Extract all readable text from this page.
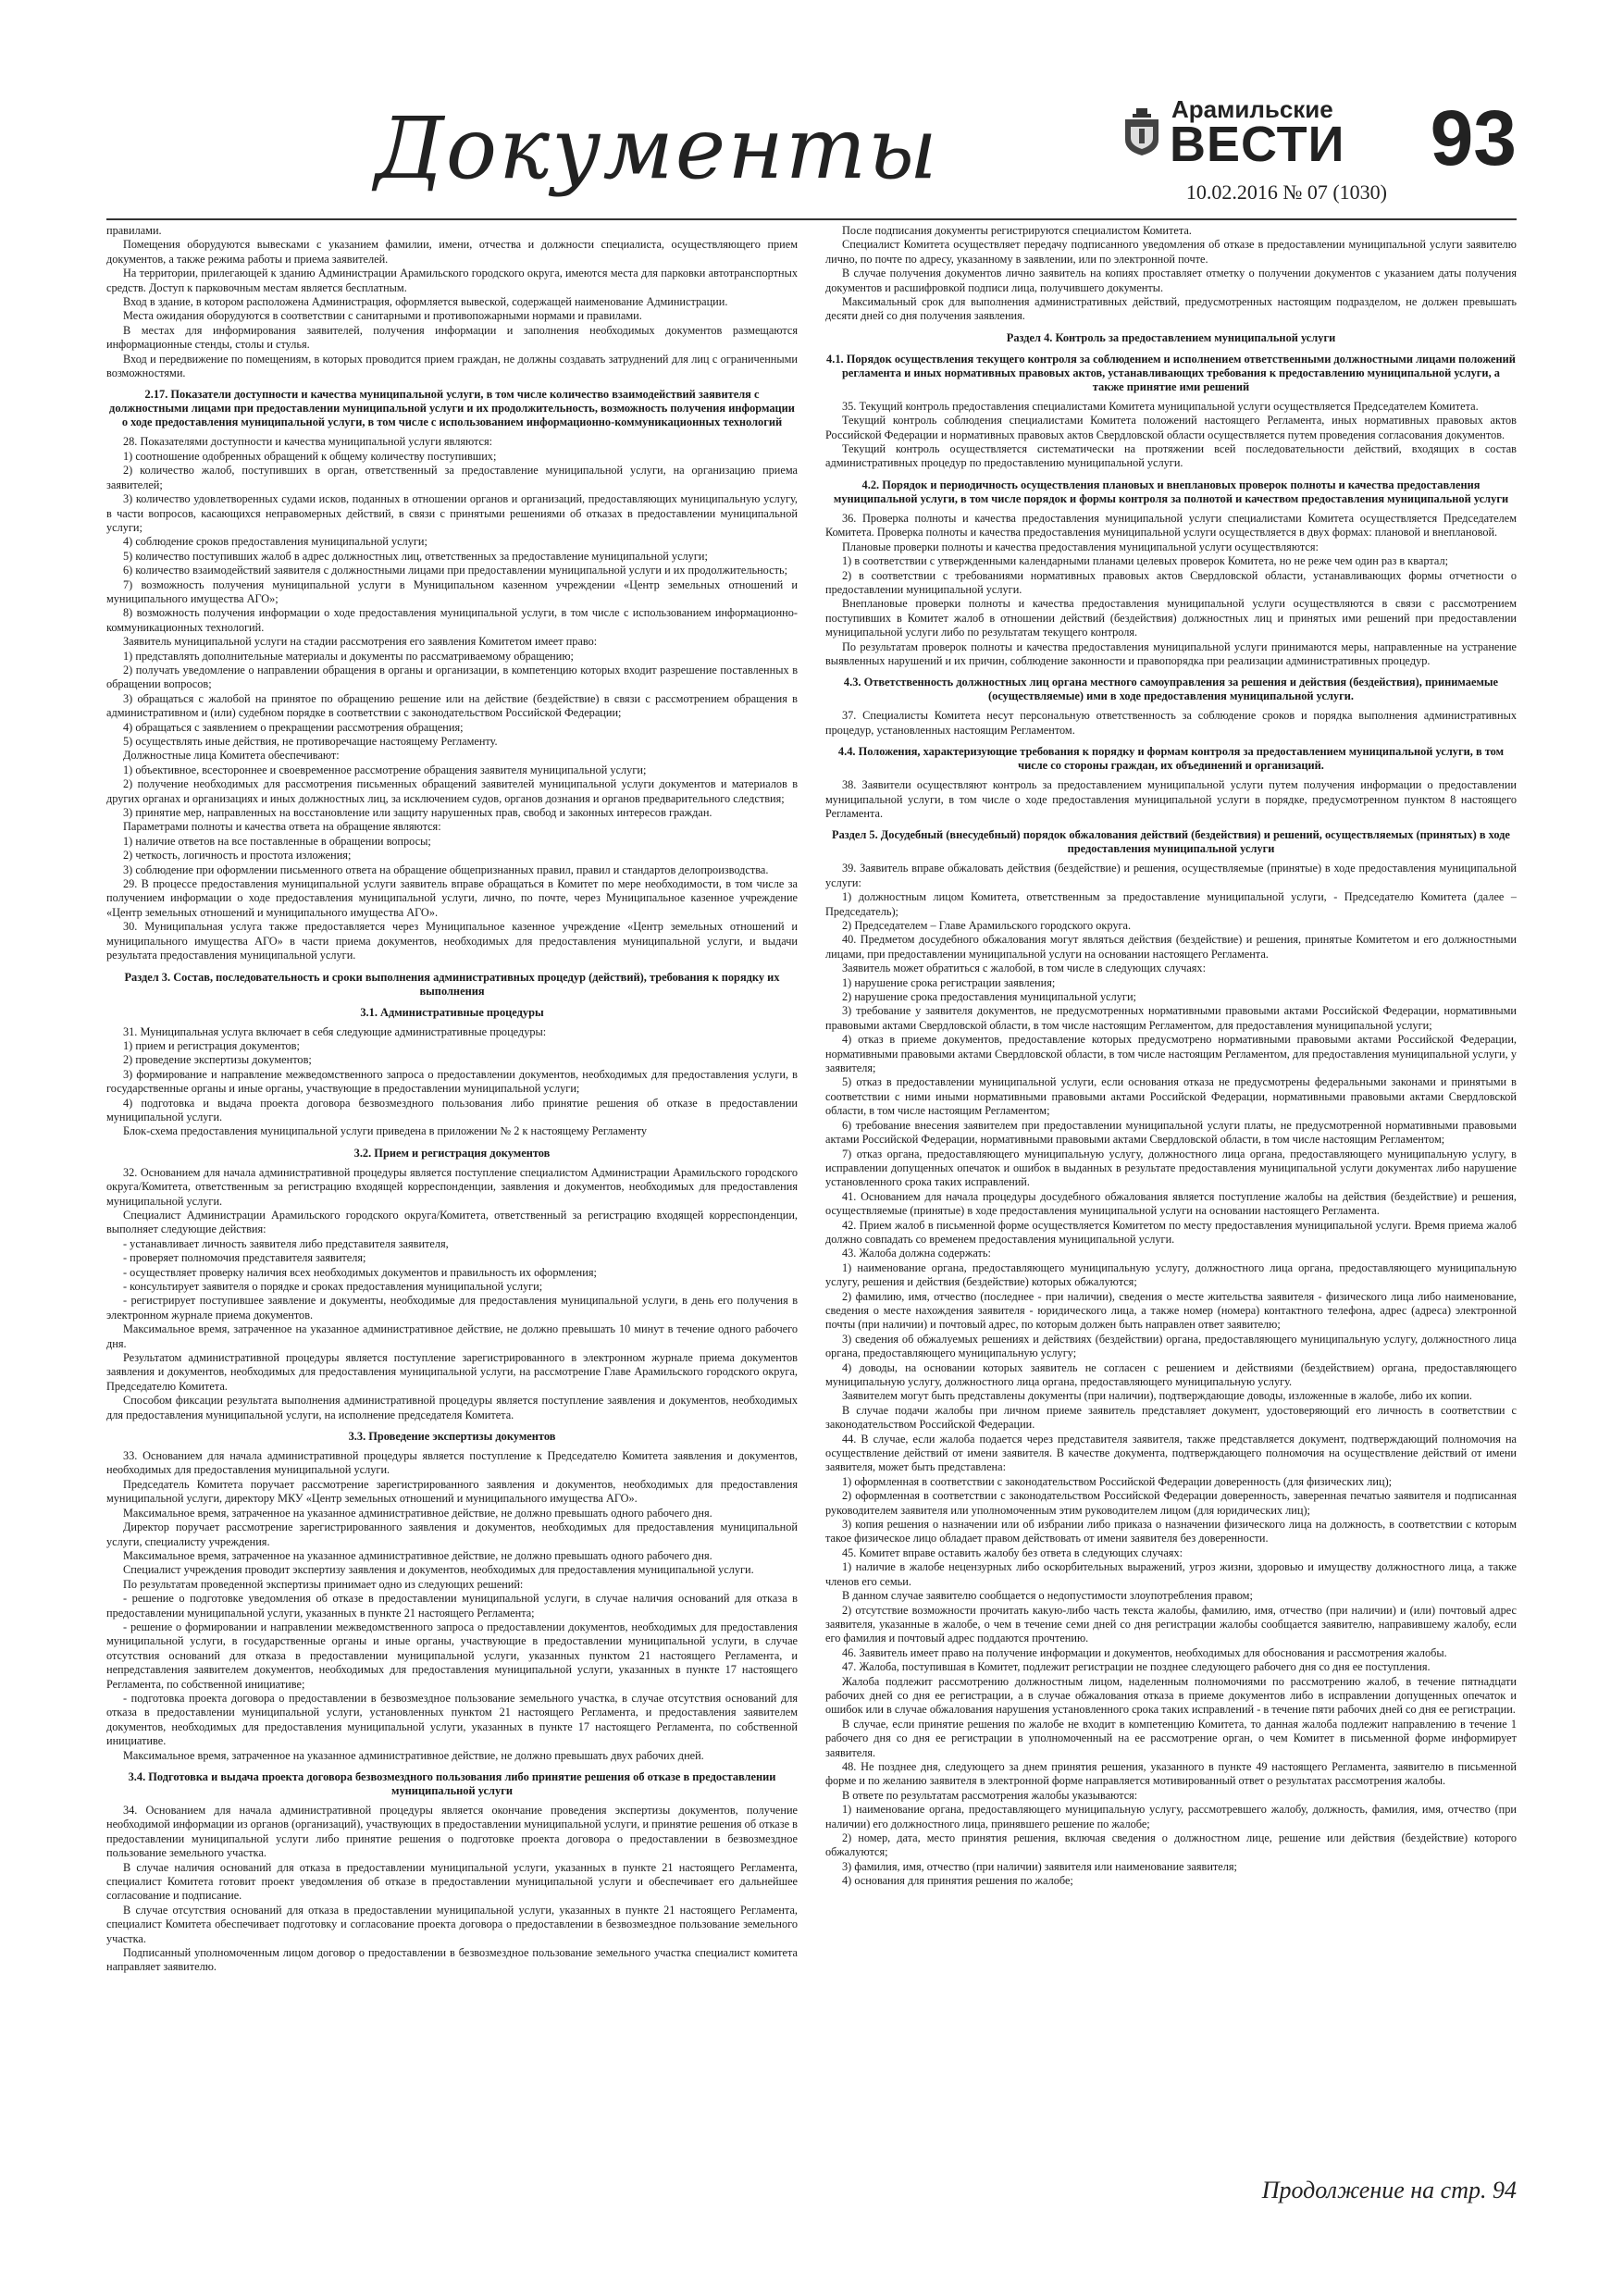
Документы	Арамильские
ВЕСТИ 93
10.02.2016 № 07 (1030)

правилами.

Помещения оборудуются вывесками с указанием фамилии, имени, отчества и должности специалиста, осуществляющего прием документов, а также режима работы и приема заявителей.

На территории, прилегающей к зданию Администрации Арамильского городского округа, имеются места для парковки автотранспортных средств. Доступ к парковочным местам является бесплатным.

Вход в здание, в котором расположена Администрация, оформляется вывеской, содержащей наименование Администрации.

Места ожидания оборудуются в соответствии с санитарными и противопожарными нормами и правилами.

В местах для информирования заявителей, получения информации и заполнения необходимых документов размещаются информационные стенды, столы и стулья.

Вход и передвижение по помещениям, в которых проводится прием граждан, не должны создавать затруднений для лиц с ограниченными возможностями.

2.17. Показатели доступности и качества муниципальной услуги, в том числе количество взаимодействий заявителя с должностными лицами при предоставлении муниципальной услуги и их продолжительность, возможность получения информации о ходе предоставления муниципальной услуги, в том числе с использованием информационно-коммуникационных технологий

28. Показателями доступности и качества муниципальной услуги являются:

1) соотношение одобренных обращений к общему количеству поступивших;

2) количество жалоб, поступивших в орган, ответственный за предоставление муниципальной услуги, на организацию приема заявителей;

3) количество удовлетворенных судами исков, поданных в отношении органов и организаций, предоставляющих муниципальную услугу, в части вопросов, касающихся неправомерных действий, в связи с принятыми решениями об отказах в предоставлении муниципальной услуги;

4) соблюдение сроков предоставления муниципальной услуги;

5) количество поступивших жалоб в адрес должностных лиц, ответственных за предоставление муниципальной услуги;

6) количество взаимодействий заявителя с должностными лицами при предоставлении муниципальной услуги и их продолжительность;

7) возможность получения муниципальной услуги в Муниципальном казенном учреждении «Центр земельных отношений и муниципального имущества АГО»;

8) возможность получения информации о ходе предоставления муниципальной услуги, в том числе с использованием информационно-коммуникационных технологий.

Заявитель муниципальной услуги на стадии рассмотрения его заявления Комитетом имеет право:

1) представлять дополнительные материалы и документы по рассматриваемому обращению;

2) получать уведомление о направлении обращения в органы и организации, в компетенцию которых входит разрешение поставленных в обращении вопросов;

3) обращаться с жалобой на принятое по обращению решение или на действие (бездействие) в связи с рассмотрением обращения в административном и (или) судебном порядке в соответствии с законодательством Российской Федерации;

4) обращаться с заявлением о прекращении рассмотрения обращения;

5) осуществлять иные действия, не противоречащие настоящему Регламенту.

Должностные лица Комитета обеспечивают:

1) объективное, всестороннее и своевременное рассмотрение обращения заявителя муниципальной услуги;

2) получение необходимых для рассмотрения письменных обращений заявителей муниципальной услуги документов и материалов в других органах и организациях и иных должностных лиц, за исключением судов, органов дознания и органов предварительного следствия;

3) принятие мер, направленных на восстановление или защиту нарушенных прав, свобод и законных интересов граждан.

Параметрами полноты и качества ответа на обращение являются:

1) наличие ответов на все поставленные в обращении вопросы;

2) четкость, логичность и простота изложения;

3) соблюдение при оформлении письменного ответа на обращение общепризнанных правил, правил и стандартов делопроизводства.

29. В процессе предоставления муниципальной услуги заявитель вправе обращаться в Комитет по мере необходимости, в том числе за получением информации о ходе предоставления муниципальной услуги, лично, по почте, через Муниципальное казенное учреждение «Центр земельных отношений и муниципального имущества АГО».

30. Муниципальная услуга также предоставляется через Муниципальное казенное учреждение «Центр земельных отношений и муниципального имущества АГО» в части приема документов, необходимых для предоставления муниципальной услуги, и выдачи результата предоставления муниципальной услуги.

Раздел 3. Состав, последовательность и сроки выполнения административных процедур (действий), требования к порядку их выполнения
3.1. Административные процедуры

31. Муниципальная услуга включает в себя следующие административные процедуры:

1) прием и регистрация документов;

2) проведение экспертизы документов;

3) формирование и направление межведомственного запроса о предоставлении документов, необходимых для предоставления услуги, в государственные органы и иные органы, участвующие в предоставлении муниципальной услуги;

4) подготовка и выдача проекта договора безвозмездного пользования либо принятие решения об отказе в предоставлении муниципальной услуги.

Блок-схема предоставления муниципальной услуги приведена в приложении № 2 к настоящему Регламенту

3.2. Прием и регистрация документов

32. Основанием для начала административной процедуры является поступление специалистом Администрации Арамильского городского округа/Комитета, ответственным за регистрацию входящей корреспонденции, заявления и документов, необходимых для предоставления муниципальной услуги.

Специалист Администрации Арамильского городского округа/Комитета, ответственный за регистрацию входящей корреспонденции, выполняет следующие действия:

- устанавливает личность заявителя либо представителя заявителя,

- проверяет полномочия представителя заявителя;

- осуществляет проверку наличия всех необходимых документов и правильность их оформления;

- консультирует заявителя о порядке и сроках предоставления муниципальной услуги;

- регистрирует поступившее заявление и документы, необходимые для предоставления муниципальной услуги, в день его получения в электронном журнале приема документов.

Максимальное время, затраченное на указанное административное действие, не должно превышать 10 минут в течение одного рабочего дня.

Результатом административной процедуры является поступление зарегистрированного в электронном журнале приема документов заявления и документов, необходимых для предоставления муниципальной услуги, на рассмотрение Главе Арамильского городского округа, Председателю Комитета.

Способом фиксации результата выполнения административной процедуры является поступление заявления и документов, необходимых для предоставления муниципальной услуги, на исполнение председателя Комитета.

3.3. Проведение экспертизы документов

33. Основанием для начала административной процедуры является поступление к Председателю Комитета заявления и документов, необходимых для предоставления муниципальной услуги.

Председатель Комитета поручает рассмотрение зарегистрированного заявления и документов, необходимых для предоставления муниципальной услуги, директору МКУ «Центр земельных отношений и муниципального имущества АГО».

Максимальное время, затраченное на указанное административное действие, не должно превышать одного рабочего дня.

Директор поручает рассмотрение зарегистрированного заявления и документов, необходимых для предоставления муниципальной услуги, специалисту учреждения.

Максимальное время, затраченное на указанное административное действие, не должно превышать одного рабочего дня.

Специалист учреждения проводит экспертизу заявления и документов, необходимых для предоставления муниципальной услуги.

По результатам проведенной экспертизы принимает одно из следующих решений:

- решение о подготовке уведомления об отказе в предоставлении муниципальной услуги, в случае наличия оснований для отказа в предоставлении муниципальной услуги, указанных в пункте 21 настоящего Регламента;

- решение о формировании и направлении межведомственного запроса о предоставлении документов, необходимых для предоставления муниципальной услуги, в государственные органы и иные органы, участвующие в предоставлении муниципальной услуги, в случае отсутствия оснований для отказа в предоставлении муниципальной услуги, указанных пунктом 21 настоящего Регламента, и непредставления заявителем документов, необходимых для предоставления муниципальной услуги, указанных в пункте 17 настоящего Регламента, по собственной инициативе;

- подготовка проекта договора о предоставлении в безвозмездное пользование земельного участка, в случае отсутствия оснований для отказа в предоставлении муниципальной услуги, установленных пунктом 21 настоящего Регламента, и предоставления заявителем документов, необходимых для предоставления муниципальной услуги, указанных в пункте 17 настоящего Регламента, по собственной инициативе.

Максимальное время, затраченное на указанное административное действие, не должно превышать двух рабочих дней.

3.4. Подготовка и выдача проекта договора безвозмездного пользования либо принятие решения об отказе в предоставлении муниципальной услуги

34. Основанием для начала административной процедуры является окончание проведения экспертизы документов, получение необходимой информации из органов (организаций), участвующих в предоставлении муниципальной услуги, и принятие решения об отказе в предоставлении муниципальной услуги либо принятие решения о подготовке проекта договора о предоставлении в безвозмездное пользование земельного участка.

В случае наличия оснований для отказа в предоставлении муниципальной услуги, указанных в пункте 21 настоящего Регламента, специалист Комитета готовит проект уведомления об отказе в предоставлении муниципальной услуги и обеспечивает его дальнейшее согласование и подписание.

В случае отсутствия оснований для отказа в предоставлении муниципальной услуги, указанных в пункте 21 настоящего Регламента, специалист Комитета обеспечивает подготовку и согласование проекта договора о предоставлении в безвозмездное пользование земельного участка.

Подписанный уполномоченным лицом договор о предоставлении в безвозмездное пользование земельного участка специалист комитета направляет заявителю.

После подписания документы регистрируются специалистом Комитета.

Специалист Комитета осуществляет передачу подписанного уведомления об отказе в предоставлении муниципальной услуги заявителю лично, по почте по адресу, указанному в заявлении, или по электронной почте.

В случае получения документов лично заявитель на копиях проставляет отметку о получении документов с указанием даты получения документов и расшифровкой подписи лица, получившего документы.

Максимальный срок для выполнения административных действий, предусмотренных настоящим подразделом, не должен превышать десяти дней со дня получения заявления.

Раздел 4. Контроль за предоставлением муниципальной услуги
4.1. Порядок осуществления текущего контроля за соблюдением и исполнением ответственными должностными лицами положений регламента и иных нормативных правовых актов, устанавливающих требования к предоставлению муниципальной услуги, а также принятие ими решений

35. Текущий контроль предоставления специалистами Комитета муниципальной услуги осуществляется Председателем Комитета.

Текущий контроль соблюдения специалистами Комитета положений настоящего Регламента, иных нормативных правовых актов Российской Федерации и нормативных правовых актов Свердловской области осуществляется путем проведения согласования документов.

Текущий контроль осуществляется систематически на протяжении всей последовательности действий, входящих в состав административных процедур по предоставлению муниципальной услуги.

4.2. Порядок и периодичность осуществления плановых и внеплановых проверок полноты и качества предоставления муниципальной услуги, в том числе порядок и формы контроля за полнотой и качеством предоставления муниципальной услуги

36. Проверка полноты и качества предоставления муниципальной услуги специалистами Комитета осуществляется Председателем Комитета. Проверка полноты и качества предоставления муниципальной услуги осуществляется в двух формах: плановой и внеплановой.

Плановые проверки полноты и качества предоставления муниципальной услуги осуществляются:

1) в соответствии с утвержденными календарными планами целевых проверок Комитета, но не реже чем один раз в квартал;

2) в соответствии с требованиями нормативных правовых актов Свердловской области, устанавливающих формы отчетности о предоставлении муниципальной услуги.

Внеплановые проверки полноты и качества предоставления муниципальной услуги осуществляются в связи с рассмотрением поступивших в Комитет жалоб в отношении действий (бездействия) должностных лиц и принятых ими решений при предоставлении муниципальной услуги либо по результатам текущего контроля.

По результатам проверок полноты и качества предоставления муниципальной услуги принимаются меры, направленные на устранение выявленных нарушений и их причин, соблюдение законности и правопорядка при реализации административных процедур.

4.3. Ответственность должностных лиц органа местного самоуправления за решения и действия (бездействия), принимаемые (осуществляемые) ими в ходе предоставления муниципальной услуги.

37. Специалисты Комитета несут персональную ответственность за соблюдение сроков и порядка выполнения административных процедур, установленных настоящим Регламентом.

4.4. Положения, характеризующие требования к порядку и формам контроля за предоставлением муниципальной услуги, в том числе со стороны граждан, их объединений и организаций.

38. Заявители осуществляют контроль за предоставлением муниципальной услуги путем получения информации о предоставлении муниципальной услуги, в том числе о ходе предоставления муниципальной услуги в порядке, предусмотренном пунктом 8 настоящего Регламента.

Раздел 5. Досудебный (внесудебный) порядок обжалования действий (бездействия) и решений, осуществляемых (принятых) в ходе предоставления муниципальной услуги

39. Заявитель вправе обжаловать действия (бездействие) и решения, осуществляемые (принятые) в ходе предоставления муниципальной услуги:

1) должностным лицом Комитета, ответственным за предоставление муниципальной услуги, - Председателю Комитета (далее – Председатель);

2) Председателем – Главе Арамильского городского округа.

40. Предметом досудебного обжалования могут являться действия (бездействие) и решения, принятые Комитетом и его должностными лицами, при предоставлении муниципальной услуги на основании настоящего Регламента.

Заявитель может обратиться с жалобой, в том числе в следующих случаях:

1) нарушение срока регистрации заявления;

2) нарушение срока предоставления муниципальной услуги;

3) требование у заявителя документов, не предусмотренных нормативными правовыми актами Российской Федерации, нормативными правовыми актами Свердловской области, в том числе настоящим Регламентом, для предоставления муниципальной услуги;

4) отказ в приеме документов, предоставление которых предусмотрено нормативными правовыми актами Российской Федерации, нормативными правовыми актами Свердловской области, в том числе настоящим Регламентом, для предоставления муниципальной услуги, у заявителя;

5) отказ в предоставлении муниципальной услуги, если основания отказа не предусмотрены федеральными законами и принятыми в соответствии с ними иными нормативными правовыми актами Российской Федерации, нормативными правовыми актами Свердловской области, в том числе настоящим Регламентом;

6) требование внесения заявителем при предоставлении муниципальной услуги платы, не предусмотренной нормативными правовыми актами Российской Федерации, нормативными правовыми актами Свердловской области, в том числе настоящим Регламентом;

7) отказ органа, предоставляющего муниципальную услугу, должностного лица органа, предоставляющего муниципальную услугу, в исправлении допущенных опечаток и ошибок в выданных в результате предоставления муниципальной услуги документах либо нарушение установленного срока таких исправлений.

41. Основанием для начала процедуры досудебного обжалования является поступление жалобы на действия (бездействие) и решения, осуществляемые (принятые) в ходе предоставления муниципальной услуги на основании настоящего Регламента.

42. Прием жалоб в письменной форме осуществляется Комитетом по месту предоставления муниципальной услуги. Время приема жалоб должно совпадать со временем предоставления муниципальной услуги.

43. Жалоба должна содержать:

1) наименование органа, предоставляющего муниципальную услугу, должностного лица органа, предоставляющего муниципальную услугу, решения и действия (бездействие) которых обжалуются;

2) фамилию, имя, отчество (последнее - при наличии), сведения о месте жительства заявителя - физического лица либо наименование, сведения о месте нахождения заявителя - юридического лица, а также номер (номера) контактного телефона, адрес (адреса) электронной почты (при наличии) и почтовый адрес, по которым должен быть направлен ответ заявителю;

3) сведения об обжалуемых решениях и действиях (бездействии) органа, предоставляющего муниципальную услугу, должностного лица органа, предоставляющего муниципальную услугу;

4) доводы, на основании которых заявитель не согласен с решением и действиями (бездействием) органа, предоставляющего муниципальную услугу, должностного лица органа, предоставляющего муниципальную услугу.

Заявителем могут быть представлены документы (при наличии), подтверждающие доводы, изложенные в жалобе, либо их копии.

В случае подачи жалобы при личном приеме заявитель представляет документ, удостоверяющий его личность в соответствии с законодательством Российской Федерации.

44. В случае, если жалоба подается через представителя заявителя, также представляется документ, подтверждающий полномочия на осуществление действий от имени заявителя. В качестве документа, подтверждающего полномочия на осуществление действий от имени заявителя, может быть представлена:

1) оформленная в соответствии с законодательством Российской Федерации доверенность (для физических лиц);

2) оформленная в соответствии с законодательством Российской Федерации доверенность, заверенная печатью заявителя и подписанная руководителем заявителя или уполномоченным этим руководителем лицом (для юридических лиц);

3) копия решения о назначении или об избрании либо приказа о назначении физического лица на должность, в соответствии с которым такое физическое лицо обладает правом действовать от имени заявителя без доверенности.

45. Комитет вправе оставить жалобу без ответа в следующих случаях:

1) наличие в жалобе нецензурных либо оскорбительных выражений, угроз жизни, здоровью и имуществу должностного лица, а также членов его семьи.

В данном случае заявителю сообщается о недопустимости злоупотребления правом;

2) отсутствие возможности прочитать какую-либо часть текста жалобы, фамилию, имя, отчество (при наличии) и (или) почтовый адрес заявителя, указанные в жалобе, о чем в течение семи дней со дня регистрации жалобы сообщается заявителю, направившему жалобу, если его фамилия и почтовый адрес поддаются прочтению.

46. Заявитель имеет право на получение информации и документов, необходимых для обоснования и рассмотрения жалобы.

47. Жалоба, поступившая в Комитет, подлежит регистрации не позднее следующего рабочего дня со дня ее поступления.

Жалоба подлежит рассмотрению должностным лицом, наделенным полномочиями по рассмотрению жалоб, в течение пятнадцати рабочих дней со дня ее регистрации, а в случае обжалования отказа в приеме документов либо в исправлении допущенных опечаток и ошибок или в случае обжалования нарушения установленного срока таких исправлений - в течение пяти рабочих дней со дня ее регистрации.

В случае, если принятие решения по жалобе не входит в компетенцию Комитета, то данная жалоба подлежит направлению в течение 1 рабочего дня со дня ее регистрации в уполномоченный на ее рассмотрение орган, о чем Комитет в письменной форме информирует заявителя.

48. Не позднее дня, следующего за днем принятия решения, указанного в пункте 49 настоящего Регламента, заявителю в письменной форме и по желанию заявителя в электронной форме направляется мотивированный ответ о результатах рассмотрения жалобы.

В ответе по результатам рассмотрения жалобы указываются:

1) наименование органа, предоставляющего муниципальную услугу, рассмотревшего жалобу, должность, фамилия, имя, отчество (при наличии) его должностного лица, принявшего решение по жалобе;

2) номер, дата, место принятия решения, включая сведения о должностном лице, решение или действия (бездействие) которого обжалуются;

3) фамилия, имя, отчество (при наличии) заявителя или наименование заявителя;

4) основания для принятия решения по жалобе;

Продолжение на стр. 94
